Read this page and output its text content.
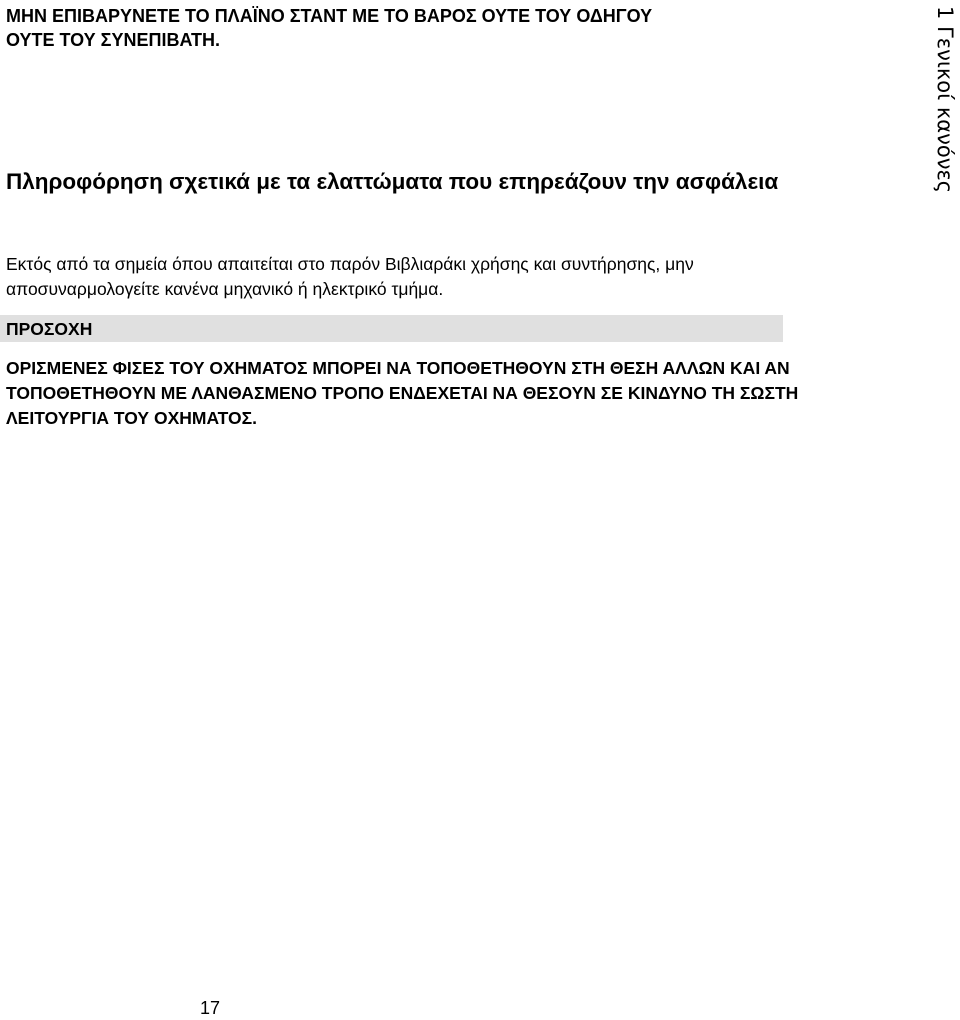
ΜΗΝ ΕΠΙΒΑΡΥΝΕΤΕ ΤΟ ΠΛΑΪΝΟ ΣΤΑΝΤ ΜΕ ΤΟ ΒΑΡΟΣ ΟΥΤΕ ΤΟΥ ΟΔΗΓΟΥ
ΟΥΤΕ ΤΟΥ ΣΥΝΕΠΙΒΑΤΗ.
Πληροφόρηση σχετικά με τα ελαττώματα που επηρεάζουν την ασφάλεια

Εκτός από τα σημεία όπου απαιτείται στο παρόν Βιβλιαράκι χρήσης και συντήρησης, μην αποσυναρμολογείτε κανένα μηχανικό ή ηλεκτρικό τμήμα.

ΠΡΟΣΟΧΗ

ΟΡΙΣΜΕΝΕΣ ΦΙΣΕΣ ΤΟΥ ΟΧΗΜΑΤΟΣ ΜΠΟΡΕΙ ΝΑ ΤΟΠΟΘΕΤΗΘΟΥΝ ΣΤΗ ΘΕΣΗ ΑΛΛΩΝ ΚΑΙ ΑΝ ΤΟΠΟΘΕΤΗΘΟΥΝ ΜΕ ΛΑΝΘΑΣΜΕΝΟ ΤΡΟΠΟ ΕΝΔΕΧΕΤΑΙ ΝΑ ΘΕΣΟΥΝ ΣΕ ΚΙΝΔΥΝΟ ΤΗ ΣΩΣΤΗ ΛΕΙΤΟΥΡΓΙΑ ΤΟΥ ΟΧΗΜΑΤΟΣ.

1 Γενικοί κανόνες
17
